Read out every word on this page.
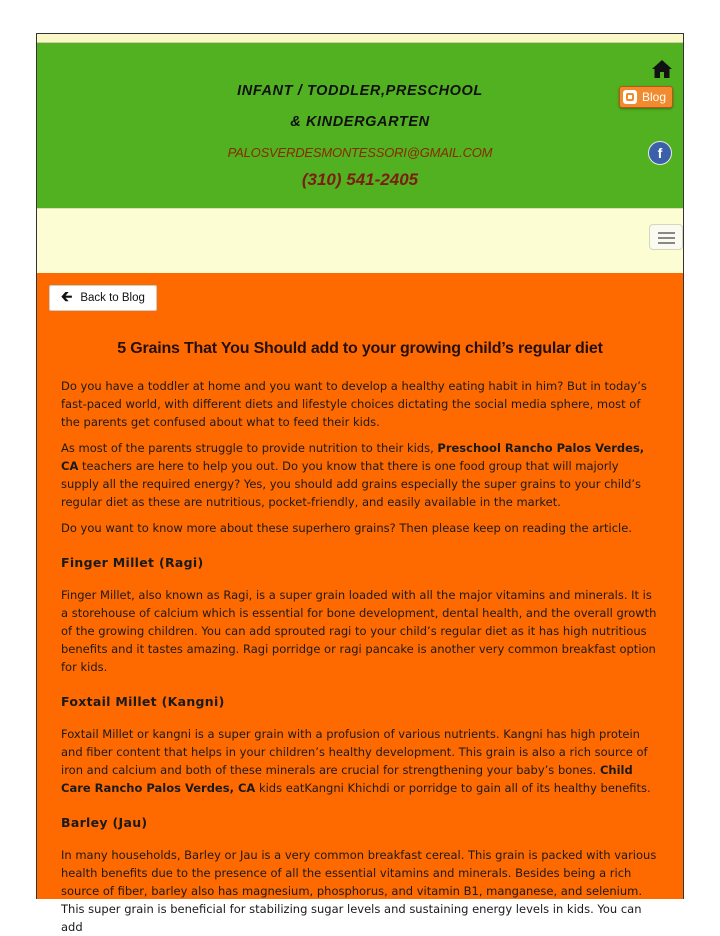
INFANT / TODDLER,PRESCHOOL
& KINDERGARTEN
PALOSVERDESMONTESSORI@GMAIL.COM
(310) 541-2405
Blog
f
🡰 Back to Blog
5 Grains That You Should add to your growing child’s regular diet

Do you have a toddler at home and you want to develop a healthy eating habit in him? But in today’s fast-paced world, with different diets and lifestyle choices dictating the social media sphere, most of the parents get confused about what to feed their kids.

As most of the parents struggle to provide nutrition to their kids, Preschool Rancho Palos Verdes, CA teachers are here to help you out. Do you know that there is one food group that will majorly supply all the required energy? Yes, you should add grains especially the super grains to your child’s regular diet as these are nutritious, pocket-friendly, and easily available in the market.

Do you want to know more about these superhero grains? Then please keep on reading the article.

Finger Millet (Ragi)

Finger Millet, also known as Ragi, is a super grain loaded with all the major vitamins and minerals. It is a storehouse of calcium which is essential for bone development, dental health, and the overall growth of the growing children. You can add sprouted ragi to your child’s regular diet as it has high nutritious benefits and it tastes amazing. Ragi porridge or ragi pancake is another very common breakfast option for kids.

Foxtail Millet (Kangni)

Foxtail Millet or kangni is a super grain with a profusion of various nutrients. Kangni has high protein and fiber content that helps in your children’s healthy development. This grain is also a rich source of iron and calcium and both of these minerals are crucial for strengthening your baby’s bones. Child Care Rancho Palos Verdes, CA kids eatKangni Khichdi or porridge to gain all of its healthy benefits.

Barley (Jau)

In many households, Barley or Jau is a very common breakfast cereal. This grain is packed with various health benefits due to the presence of all the essential vitamins and minerals. Besides being a rich source of fiber, barley also has magnesium, phosphorus, and vitamin B1, manganese, and selenium. This super grain is beneficial for stabilizing sugar levels and sustaining energy levels in kids. You can add
